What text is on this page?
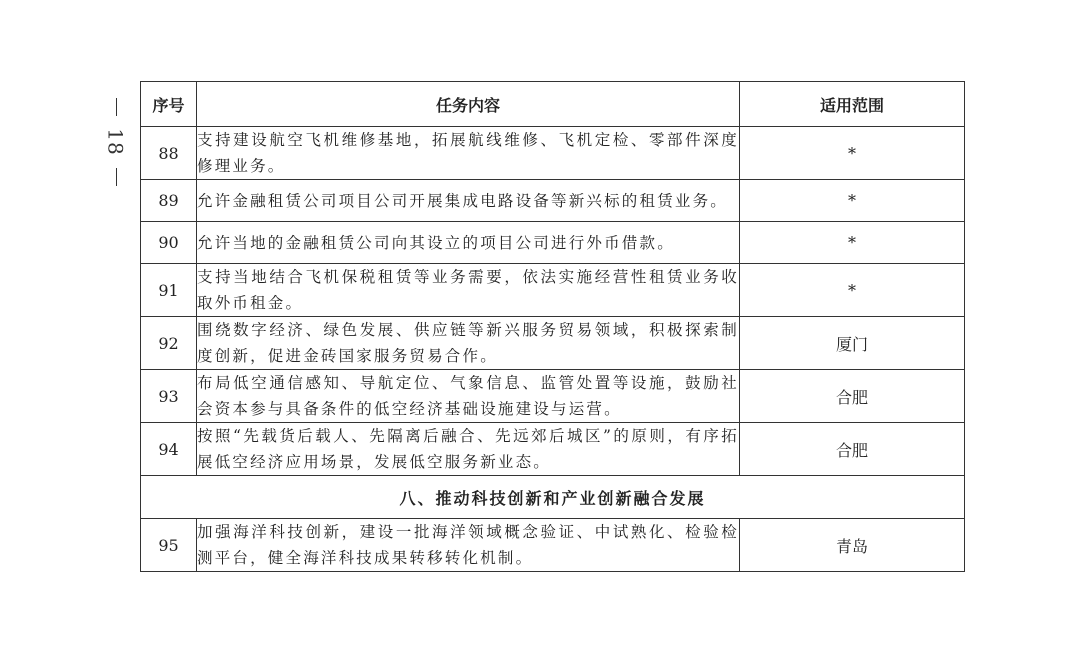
18
序号	任务内容	适用范围
88	支持建设航空飞机维修基地，拓展航线维修、飞机定检、零部件深度修理业务。	*
89	允许金融租赁公司项目公司开展集成电路设备等新兴标的租赁业务。	*
90	允许当地的金融租赁公司向其设立的项目公司进行外币借款。	*
91	支持当地结合飞机保税租赁等业务需要，依法实施经营性租赁业务收取外币租金。	*
92	围绕数字经济、绿色发展、供应链等新兴服务贸易领域，积极探索制度创新，促进金砖国家服务贸易合作。	厦门
93	布局低空通信感知、导航定位、气象信息、监管处置等设施，鼓励社会资本参与具备条件的低空经济基础设施建设与运营。	合肥
94	按照“先载货后载人、先隔离后融合、先远郊后城区”的原则，有序拓展低空经济应用场景，发展低空服务新业态。	合肥
八、推动科技创新和产业创新融合发展		
95	加强海洋科技创新，建设一批海洋领域概念验证、中试熟化、检验检测平台，健全海洋科技成果转移转化机制。	青岛
